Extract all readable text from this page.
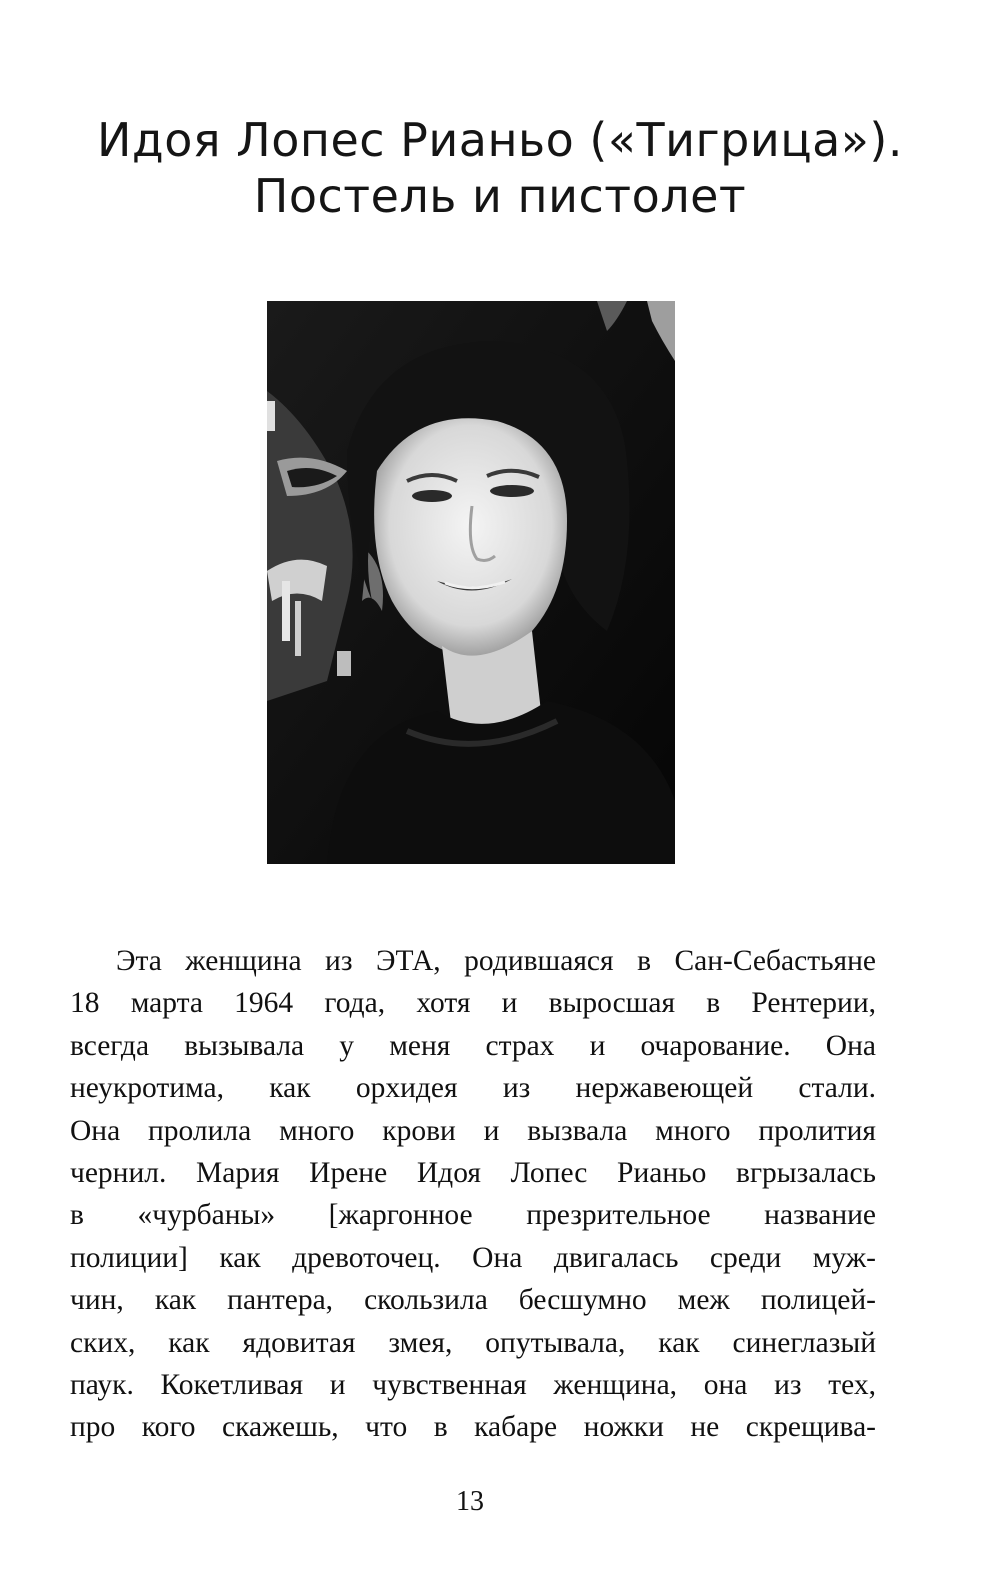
Идоя Лопес Рианьо («Тигрица»).
Постель и пистолет
Эта женщина из ЭТА, родившаяся в Сан-Себастьяне
18 марта 1964 года, хотя и выросшая в Рентерии,
всегда вызывала у меня страх и очарование. Она
неукротима, как орхидея из нержавеющей стали.
Она пролила много крови и вызвала много пролития
чернил. Мария Ирене Идоя Лопес Рианьо вгрызалась
в «чурбаны» [жаргонное презрительное название
полиции] как древоточец. Она двигалась среди муж-
чин, как пантера, скользила бесшумно меж полицей-
ских, как ядовитая змея, опутывала, как синеглазый
паук. Кокетливая и чувственная женщина, она из тех,
про кого скажешь, что в кабаре ножки не скрещива-
13
